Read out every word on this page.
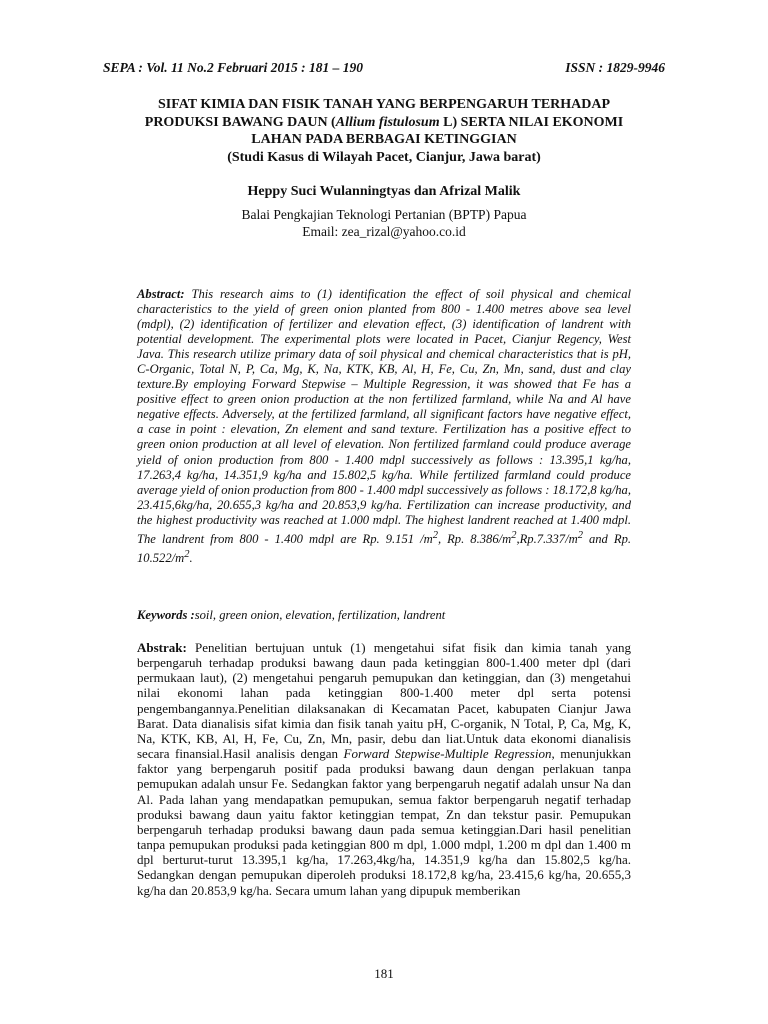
SEPA : Vol. 11 No.2 Februari 2015 : 181 – 190	ISSN : 1829-9946
SIFAT KIMIA DAN FISIK TANAH YANG BERPENGARUH TERHADAP
PRODUKSI BAWANG DAUN (Allium fistulosum L) SERTA NILAI EKONOMI
LAHAN PADA BERBAGAI KETINGGIAN
(Studi Kasus di Wilayah Pacet, Cianjur, Jawa barat)
Heppy Suci Wulanningtyas dan Afrizal Malik
Balai Pengkajian Teknologi Pertanian (BPTP) Papua
Email: zea_rizal@yahoo.co.id
Abstract: This research aims to (1) identification the effect of soil physical and chemical characteristics to the yield of green onion planted from 800 - 1.400 metres above sea level (mdpl), (2) identification of fertilizer and elevation effect, (3) identification of landrent with potential development. The experimental plots were located in Pacet, Cianjur Regency, West Java. This research utilize primary data of soil physical and chemical characteristics that is pH, C-Organic, Total N, P, Ca, Mg, K, Na, KTK, KB, Al, H, Fe, Cu, Zn, Mn, sand, dust and clay texture.By employing Forward Stepwise – Multiple Regression, it was showed that Fe has a positive effect to green onion production at the non fertilized farmland, while Na and Al have negative effects. Adversely, at the fertilized farmland, all significant factors have negative effect, a case in point : elevation, Zn element and sand texture. Fertilization has a positive effect to green onion production at all level of elevation. Non fertilized farmland could produce average yield of onion production from 800 - 1.400 mdpl successively as follows : 13.395,1 kg/ha, 17.263,4 kg/ha, 14.351,9 kg/ha and 15.802,5 kg/ha. While fertilized farmland could produce average yield of onion production from 800 - 1.400 mdpl successively as follows : 18.172,8 kg/ha, 23.415,6kg/ha, 20.655,3 kg/ha and 20.853,9 kg/ha. Fertilization can increase productivity, and the highest productivity was reached at 1.000 mdpl. The highest landrent reached at 1.400 mdpl. The landrent from 800 - 1.400 mdpl are Rp. 9.151 $/m^2$, Rp. $8.386/m^2,Rp.7.337/m^2$ and Rp. $10.522/m^2$.
Keywords :soil, green onion, elevation, fertilization, landrent
Abstrak: Penelitian bertujuan untuk (1) mengetahui sifat fisik dan kimia tanah yang berpengaruh terhadap produksi bawang daun pada ketinggian 800-1.400 meter dpl (dari permukaan laut), (2) mengetahui pengaruh pemupukan dan ketinggian, dan (3) mengetahui nilai ekonomi lahan pada ketinggian 800-1.400 meter dpl serta potensi pengembangannya.Penelitian dilaksanakan di Kecamatan Pacet, kabupaten Cianjur Jawa Barat. Data dianalisis sifat kimia dan fisik tanah yaitu pH, C-organik, N Total, P, Ca, Mg, K, Na, KTK, KB, Al, H, Fe, Cu, Zn, Mn, pasir, debu dan liat.Untuk data ekonomi dianalisis secara finansial.Hasil analisis dengan Forward Stepwise-Multiple Regression, menunjukkan faktor yang berpengaruh positif pada produksi bawang daun dengan perlakuan tanpa pemupukan adalah unsur Fe. Sedangkan faktor yang berpengaruh negatif adalah unsur Na dan Al. Pada lahan yang mendapatkan pemupukan, semua faktor berpengaruh negatif terhadap produksi bawang daun yaitu faktor ketinggian tempat, Zn dan tekstur pasir. Pemupukan berpengaruh terhadap produksi bawang daun pada semua ketinggian.Dari hasil penelitian tanpa pemupukan produksi pada ketinggian 800 m dpl, 1.000 mdpl, 1.200 m dpl dan 1.400 m dpl berturut-turut 13.395,1 kg/ha, 17.263,4kg/ha, 14.351,9 kg/ha dan 15.802,5 kg/ha. Sedangkan dengan pemupukan diperoleh produksi 18.172,8 kg/ha, 23.415,6 kg/ha, 20.655,3 kg/ha dan 20.853,9 kg/ha. Secara umum lahan yang dipupuk memberikan
181
